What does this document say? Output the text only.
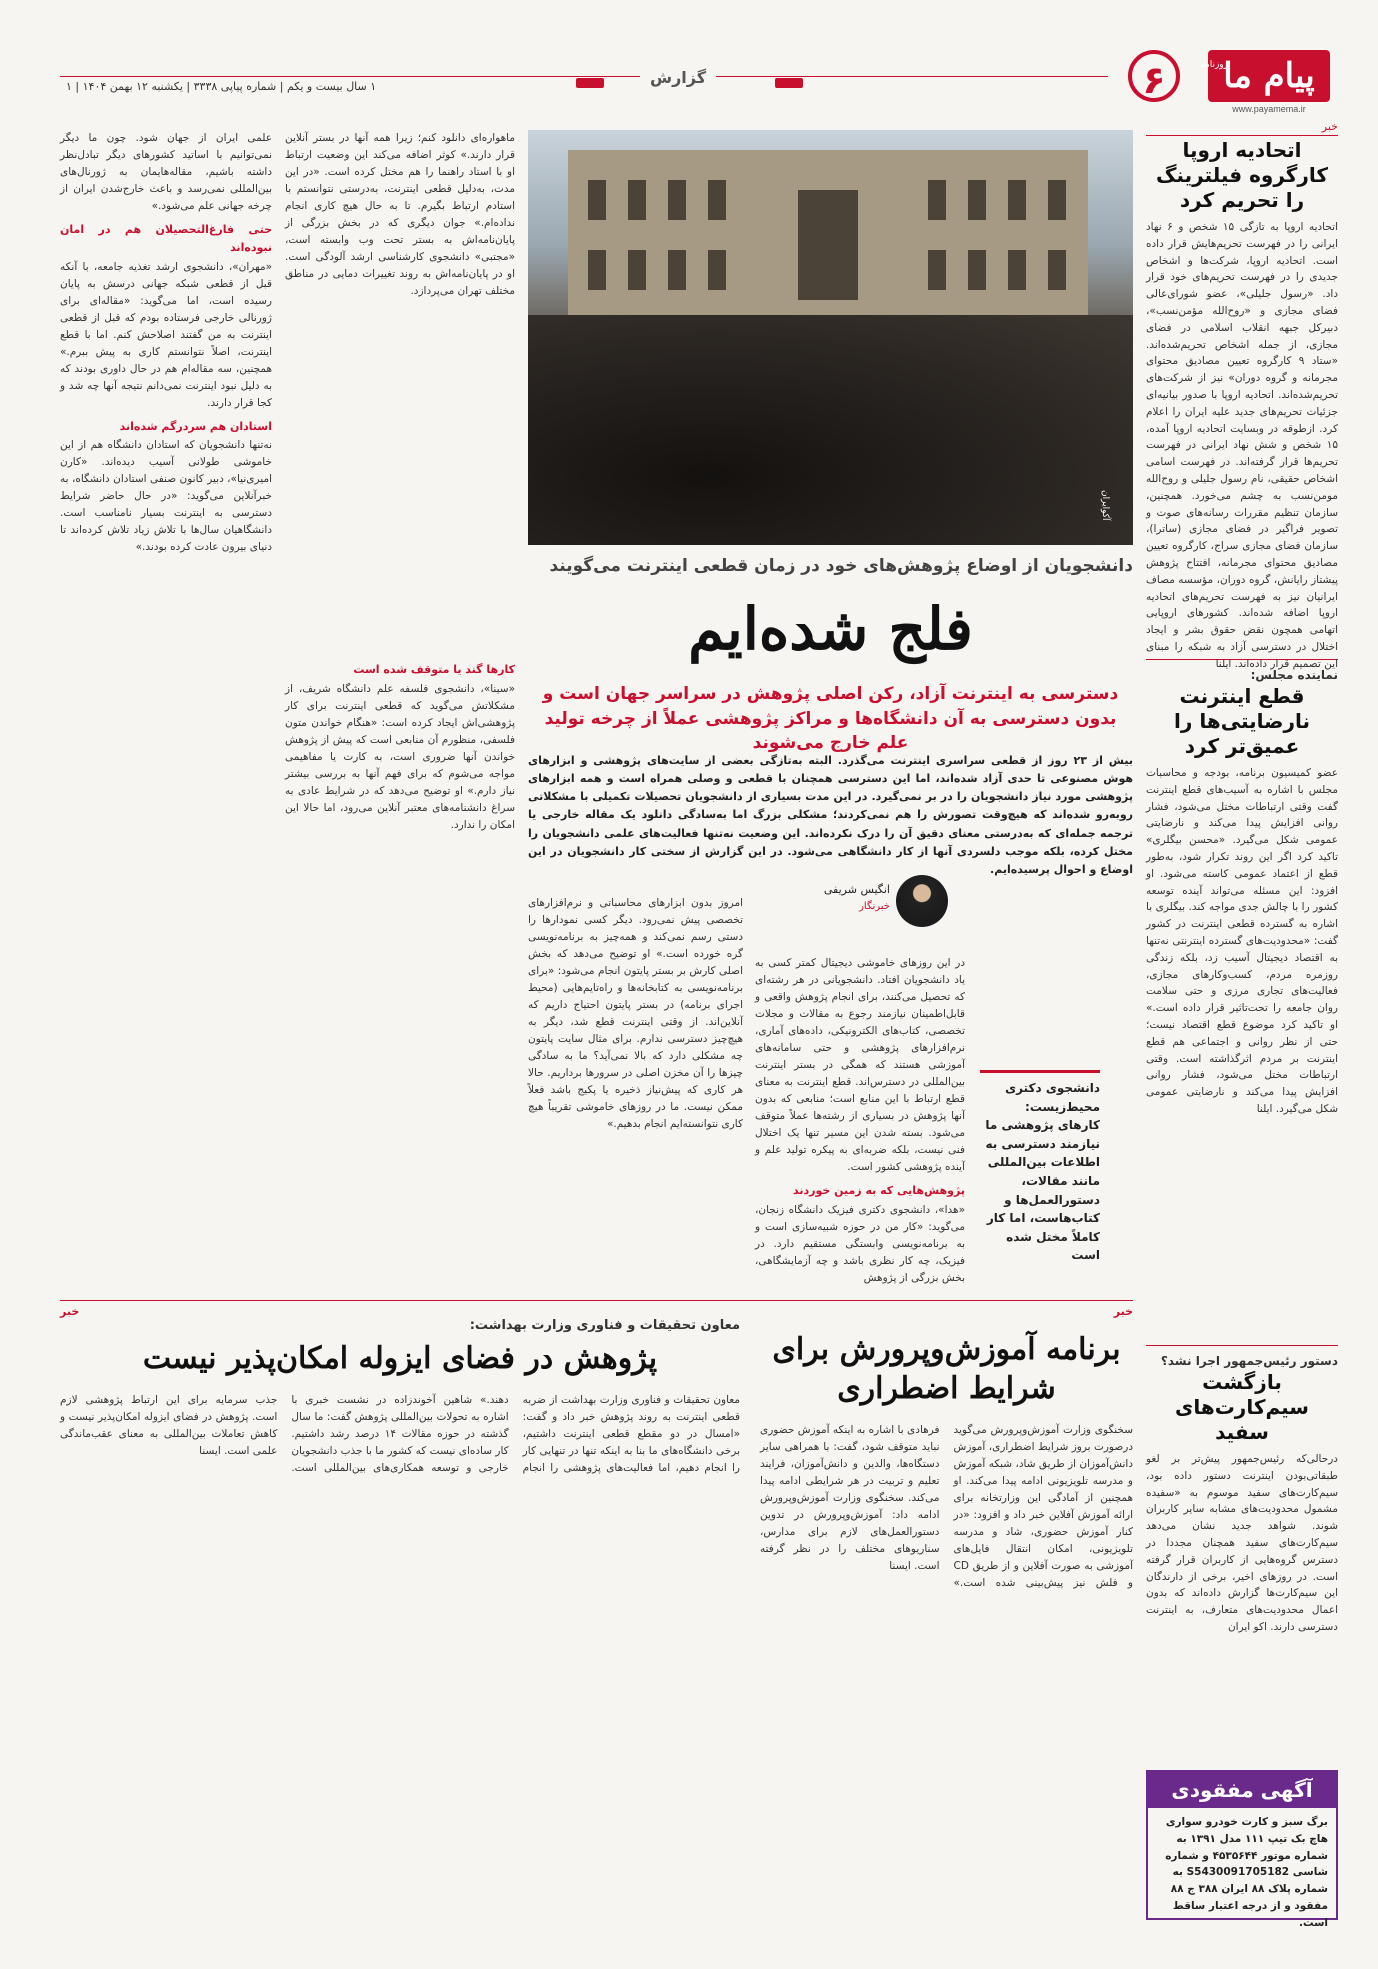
پیام ما
روزنامه
www.payamema.ir
۶
گزارش
۱ سال بیست و یکم | شماره پیاپی ۳۳۳۸ | یکشنبه ۱۲ بهمن ۱۴۰۴ | ۱
خبر
اتحادیه اروپا کارگروه فیلترینگ را تحریم کرد
اتحادیه اروپا به تازگی ۱۵ شخص و ۶ نهاد ایرانی را در فهرست تحریم‌هایش قرار داده است. اتحادیه اروپا، شرکت‌ها و اشخاص جدیدی را در فهرست تحریم‌های خود قرار داد. «رسول جلیلی»، عضو شورای‌عالی فضای مجازی و «روح‌الله مؤمن‌نسب»، دبیرکل جبهه انقلاب اسلامی در فضای مجازی، از جمله اشخاص تحریم‌شده‌اند. «ستاد ۹ کارگروه تعیین مصادیق محتوای مجرمانه و گروه دوران» نیز از شرکت‌های تحریم‌شده‌اند. اتحادیه اروپا با صدور بیانیه‌ای جزئیات تحریم‌های جدید علیه ایران را اعلام کرد. ازطوقه در وبسایت اتحادیه اروپا آمده، ۱۵ شخص و شش نهاد ایرانی در فهرست تحریم‌ها قرار گرفته‌اند. در فهرست اسامی اشخاص حقیقی، نام رسول جلیلی و روح‌الله مومن‌نسب به چشم می‌خورد. همچنین، سازمان تنظیم مقررات رسانه‌های صوت و تصویر فراگیر در فضای مجازی (ساترا)، سازمان فضای مجازی سراج، کارگروه تعیین مصادیق محتوای مجرمانه، افتتاح پژوهش پیشتاز رایانش، گروه دوران، مؤسسه مصاف ایرانیان نیز به فهرست تحریم‌های اتحادیه اروپا اضافه شده‌اند. کشورهای اروپایی اتهامی همچون نقض حقوق بشر و ایجاد اختلال در دسترسی آزاد به شبکه را مبنای این تصمیم قرار داده‌اند. ایلنا
نماینده مجلس:
قطع اینترنت نارضایتی‌ها را عمیق‌تر کرد
عضو کمیسیون برنامه، بودجه و محاسبات مجلس با اشاره به آسیب‌های قطع اینترنت گفت وقتی ارتباطات مختل می‌شود، فشار روانی افزایش پیدا می‌کند و نارضایتی عمومی شکل می‌گیرد. «محسن بیگلری» تاکید کرد اگر این روند تکرار شود، به‌طور قطع از اعتماد عمومی کاسته می‌شود. او افزود: این مسئله می‌تواند آینده توسعه کشور را با چالش جدی مواجه کند. بیگلری با اشاره به گسترده قطعی اینترنت در کشور گفت: «محدودیت‌های گسترده اینترنتی نه‌تنها به اقتصاد دیجیتال آسیب زد، بلکه زندگی روزمره مردم، کسب‌وکارهای مجازی، فعالیت‌های تجاری مرزی و حتی سلامت روان جامعه را تحت‌تاثیر قرار داده است.» او تاکید کرد موضوع قطع اقتصاد نیست؛ حتی از نظر روانی و اجتماعی هم قطع اینترنت بر مردم اثرگذاشته است. وقتی ارتباطات مختل می‌شود، فشار روانی افزایش پیدا می‌کند و نارضایتی عمومی شکل می‌گیرد. ایلنا
دستور رئیس‌جمهور اجرا نشد؟
بازگشت سیم‌کارت‌های سفید
درحالی‌که رئیس‌جمهور پیش‌تر بر لغو طبقاتی‌بودن اینترنت دستور داده بود، سیم‌کارت‌های سفید موسوم به «سفیده مشمول محدودیت‌های مشابه سایر کاربران شوند. شواهد جدید نشان می‌دهد سیم‌کارت‌های سفید همچنان مجددا در دسترس گروه‌هایی از کاربران قرار گرفته است. در روزهای اخیر، برخی از دارندگان این سیم‌کارت‌ها گزارش داده‌اند که بدون اعمال محدودیت‌های متعارف، به اینترنت دسترسی دارند. اکو ایران
آگهی مفقودی
برگ سبز و کارت خودرو سواری هاچ بک تیپ ۱۱۱ مدل ۱۳۹۱ به شماره موتور ۴۵۳۵۶۴۴ و شماره شاسی S5430091705182 به شماره پلاک ۸۸ ایران ۳۸۸ ج ۸۸ مفقود و از درجه اعتبار ساقط است.
آکوایران
دانشجویان از اوضاع پژوهش‌های خود در زمان قطعی اینترنت می‌گویند
فلج شده‌ایم
دسترسی به اینترنت آزاد، رکن اصلی پژوهش در سراسر جهان است و بدون دسترسی به آن دانشگاه‌ها و مراکز پژوهشی عملاً از چرخه تولید علم خارج می‌شوند
بیش از ۲۳ روز از قطعی سراسری اینترنت می‌گذرد. البته به‌تازگی بعضی از سایت‌های پژوهشی و ابزارهای هوش مصنوعی تا حدی آزاد شده‌اند، اما این دسترسی همچنان با قطعی و وصلی همراه است و همه ابزارهای پژوهشی مورد نیاز دانشجویان را در بر نمی‌گیرد. در این مدت بسیاری از دانشجویان تحصیلات تکمیلی با مشکلاتی روبه‌رو شده‌اند که هیچ‌وقت تصورش را هم نمی‌کردند؛ مشکلی بزرگ اما به‌سادگی دانلود یک مقاله خارجی یا ترجمه جمله‌ای که به‌درستی معنای دقیق آن را درک نکرده‌اند. این وضعیت نه‌تنها فعالیت‌های علمی دانشجویان را مختل کرده، بلکه موجب دلسردی آنها از کار دانشگاهی می‌شود. در این گزارش از سختی کار دانشجویان در این اوضاع و احوال پرسیده‌ایم.
انگیس شریفی
خبرنگار
دانشجوی دکتری محیط‌زیست: کارهای پژوهشی ما نیازمند دسترسی به اطلاعات بین‌المللی مانند مقالات، دستورالعمل‌ها و کتاب‌هاست، اما کار کاملاً مختل شده است
در این روزهای خاموشی دیجیتال کمتر کسی به یاد دانشجویان افتاد. دانشجویانی در هر رشته‌ای که تحصیل می‌کنند، برای انجام پژوهش واقعی و قابل‌اطمینان نیازمند رجوع به مقالات و مجلات تخصصی، کتاب‌های الکترونیکی، داده‌های آماری، نرم‌افزارهای پژوهشی و حتی سامانه‌های آموزشی هستند که همگی در بستر اینترنت بین‌المللی در دسترس‌اند. قطع اینترنت به معنای قطع ارتباط با این منابع است؛ منابعی که بدون آنها پژوهش در بسیاری از رشته‌ها عملاً متوقف می‌شود. بسته شدن این مسیر تنها یک اختلال فنی نیست، بلکه ضربه‌ای به پیکره تولید علم و آینده پژوهشی کشور است.
پژوهش‌هایی که به زمین خوردند
«هدا»، دانشجوی دکتری فیزیک دانشگاه زنجان، می‌گوید: «کار من در حوزه شبیه‌سازی است و به برنامه‌نویسی وابستگی مستقیم دارد. در فیزیک، چه کار نظری باشد و چه آزمایشگاهی، بخش بزرگی از پژوهش
امروز بدون ابزارهای محاسباتی و نرم‌افزارهای تخصصی پیش نمی‌رود. دیگر کسی نمودارها را دستی رسم نمی‌کند و همه‌چیز به برنامه‌نویسی گره خورده است.» او توضیح می‌دهد که بخش اصلی کارش بر بستر پایتون انجام می‌شود: «برای برنامه‌نویسی به کتابخانه‌ها و راه‌تایم‌هایی (محیط اجرای برنامه) در بستر پایتون احتیاج داریم که آنلاین‌اند. از وقتی اینترنت قطع شد، دیگر به هیچ‌چیز دسترسی ندارم. برای مثال سایت پایتون چه مشکلی دارد که بالا نمی‌آید؟ ما به سادگی چیزها را آن مخزن اصلی در سرورها برداریم. حالا هر کاری که پیش‌نیاز ذخیره یا پکیج باشد فعلاً ممکن نیست. ما در روزهای خاموشی تقریباً هیچ کاری نتوانسته‌ایم انجام بدهیم.»
ماهواره‌ای دانلود کنم؛ زیرا همه آنها در بستر آنلاین قرار دارند.» کوثر اضافه می‌کند این وضعیت ارتباط او با استاد راهنما را هم مختل کرده است. «در این مدت، به‌دلیل قطعی اینترنت، به‌درستی نتوانستم با استادم ارتباط بگیرم. تا به حال هیچ کاری انجام نداده‌ام.» جوان دیگری که در بخش بزرگی از پایان‌نامه‌اش به بستر تحت وب وابسته است، «مجتبی» دانشجوی کارشناسی ارشد آلودگی است. او در پایان‌نامه‌اش به روند تغییرات دمایی در مناطق مختلف تهران می‌پردازد.
کارها گند یا متوقف شده است
«سینا»، دانشجوی فلسفه علم دانشگاه شریف، از مشکلاتش می‌گوید که قطعی اینترنت برای کار پژوهشی‌اش ایجاد کرده است: «هنگام خواندن متون فلسفی، منظورم آن منابعی است که پیش از پژوهش خواندن آنها ضروری است، به کارت یا مفاهیمی مواجه می‌شوم که برای فهم آنها به بررسی بیشتر نیاز دارم.» او توضیح می‌دهد که در شرایط عادی به سراغ دانشنامه‌های معتبر آنلاین می‌رود، اما حالا این امکان را ندارد.
علمی ایران از جهان شود. چون ما دیگر نمی‌توانیم با اساتید کشورهای دیگر تبادل‌نظر داشته باشیم، مقاله‌هایمان به ژورنال‌های بین‌المللی نمی‌رسد و باعث خارج‌شدن ایران از چرخه جهانی علم می‌شود.»
حتی فارغ‌التحصیلان هم در امان نبوده‌اند
«مهران»، دانشجوی ارشد تغذیه جامعه، با آنکه قبل از قطعی شبکه جهانی درسش به پایان رسیده است، اما می‌گوید: «مقاله‌ای برای ژورنالی خارجی فرستاده بودم که قبل از قطعی اینترنت به من گفتند اصلاحش کنم. اما با قطع اینترنت، اصلاً نتوانستم کاری به پیش ببرم.» همچنین، سه مقاله‌ام هم در حال داوری بودند که به دلیل نبود اینترنت نمی‌دانم نتیجه آنها چه شد و کجا قرار دارند.
استادان هم سردرگم شده‌اند
نه‌تنها دانشجویان که استادان دانشگاه هم از این خاموشی طولانی آسیب دیده‌اند. «کارن امیری‌نیا»، دبیر کانون صنفی استادان دانشگاه، به خبرآنلاین می‌گوید: «در حال حاضر شرایط دسترسی به اینترنت بسیار نامناسب است. دانشگاهیان سال‌ها با تلاش زیاد تلاش کرده‌اند تا دنیای بیرون عادت کرده بودند.»
خبر
برنامه آموزش‌وپرورش برای شرایط اضطراری
سخنگوی وزارت آموزش‌وپرورش می‌گوید درصورت بروز شرایط اضطراری، آموزش دانش‌آموزان از طریق شاد، شبکه آموزش و مدرسه تلویزیونی ادامه پیدا می‌کند. او همچنین از آمادگی این وزارتخانه برای ارائه آموزش آفلاین خبر داد و افزود: «در کنار آموزش حضوری، شاد و مدرسه تلویزیونی، امکان انتقال فایل‌های آموزشی به صورت آفلاین و از طریق CD و فلش نیز پیش‌بینی شده است.» فرهادی با اشاره به اینکه آموزش حضوری نباید متوقف شود، گفت: با همراهی سایر دستگاه‌ها، والدین و دانش‌آموزان، فرایند تعلیم و تربیت در هر شرایطی ادامه پیدا می‌کند. سخنگوی وزارت آموزش‌وپرورش ادامه داد: آموزش‌وپرورش در تدوین دستورالعمل‌های لازم برای مدارس، سناریوهای مختلف را در نظر گرفته است. ایسنا
خبر
معاون تحقیقات و فناوری وزارت بهداشت:
پژوهش در فضای ایزوله امکان‌پذیر نیست
معاون تحقیقات و فناوری وزارت بهداشت از ضربه قطعی اینترنت به روند پژوهش خبر داد و گفت: «امسال در دو مقطع قطعی اینترنت داشتیم، برخی دانشگاه‌های ما بنا به اینکه تنها در تنهایی کار را انجام دهیم، اما فعالیت‌های پژوهشی را انجام دهند.» شاهین آخوندزاده در نشست خبری با اشاره به تحولات بین‌المللی پژوهش گفت: ما سال گذشته در حوزه مقالات ۱۴ درصد رشد داشتیم. کار ساده‌ای نیست که کشور ما با جذب دانشجویان خارجی و توسعه همکاری‌های بین‌المللی است. جذب سرمایه برای این ارتباط پژوهشی لازم است. پژوهش در فضای ایزوله امکان‌پذیر نیست و کاهش تعاملات بین‌المللی به معنای عقب‌ماندگی علمی است. ایسنا
